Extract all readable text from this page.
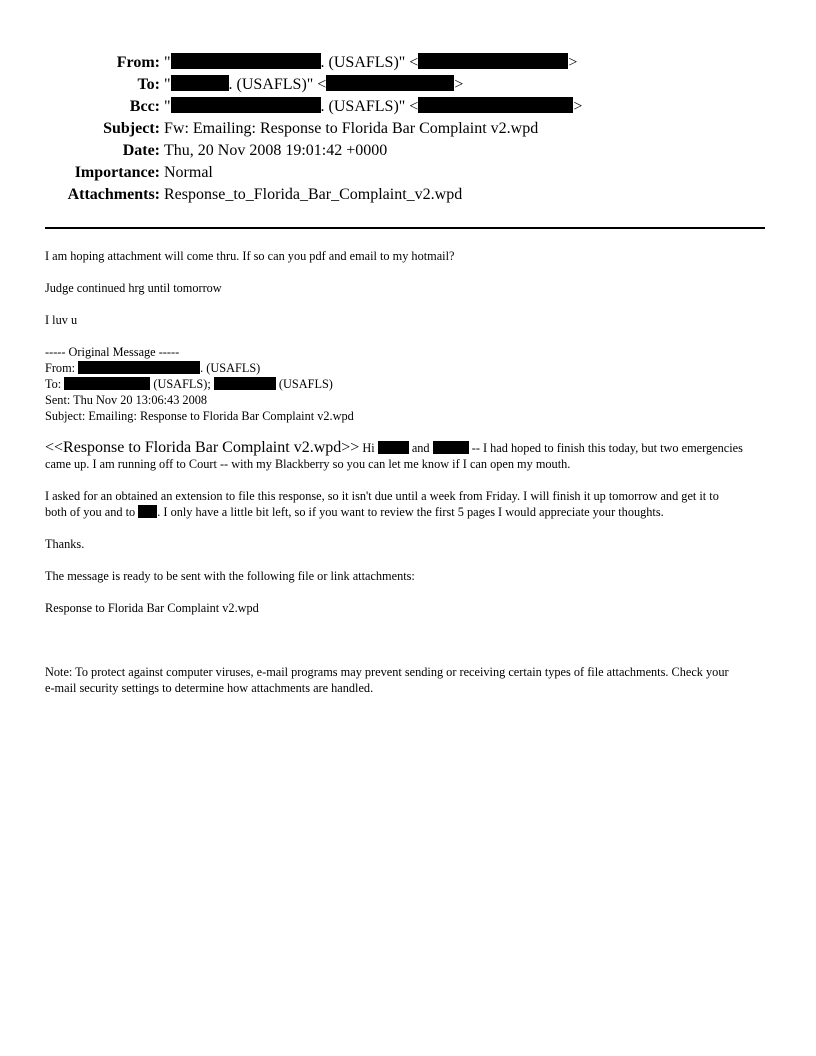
From: "	. (USAFLS)" <	>
To: "	. (USAFLS)" <	>
Bcc: "	. (USAFLS)" <	>
Subject: Fw: Emailing: Response to Florida Bar Complaint v2.wpd
Date: Thu, 20 Nov 2008 19:01:42 +0000
Importance: Normal
Attachments: Response_to_Florida_Bar_Complaint_v2.wpd
I am hoping attachment will come thru. If so can you pdf and email to my hotmail?
Judge continued hrg until tomorrow
I luv u
----- Original Message -----
From:	. (USAFLS)
To:	(USAFLS);	(USAFLS)
Sent: Thu Nov 20 13:06:43 2008
Subject: Emailing: Response to Florida Bar Complaint v2.wpd
<<Response to Florida Bar Complaint v2.wpd>> Hi	and	-- I had hoped to finish this today, but two emergencies
came up. I am running off to Court -- with my Blackberry so you can let me know if I can open my mouth.
I asked for an obtained an extension to file this response, so it isn't due until a week from Friday. I will finish it up tomorrow and get it to
both of you and to . I only have a little bit left, so if you want to review the first 5 pages I would appreciate your thoughts.
Thanks.
The message is ready to be sent with the following file or link attachments:
Response to Florida Bar Complaint v2.wpd
Note: To protect against computer viruses, e-mail programs may prevent sending or receiving certain types of file attachments. Check your
e-mail security settings to determine how attachments are handled.
